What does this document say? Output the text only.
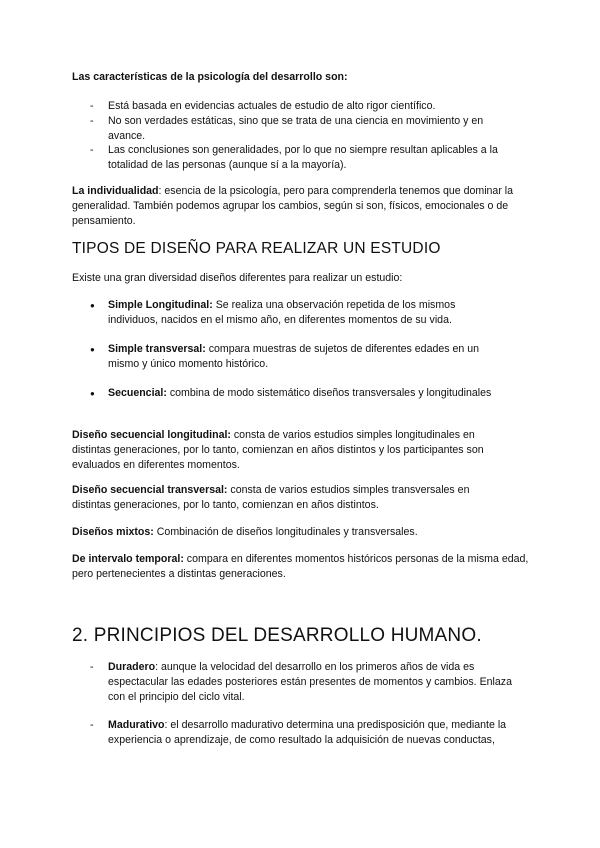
Las características de la psicología del desarrollo son:

- Está basada en evidencias actuales de estudio de alto rigor científico.
- No son verdades estáticas, sino que se trata de una ciencia en movimiento y en avance.
- Las conclusiones son generalidades, por lo que no siempre resultan aplicables a la totalidad de las personas (aunque sí a la mayoría).

La individualidad: esencia de la psicología, pero para comprenderla tenemos que dominar la generalidad. También podemos agrupar los cambios, según si son, físicos, emocionales o de pensamiento.

TIPOS DE DISEÑO PARA REALIZAR UN ESTUDIO

Existe una gran diversidad diseños diferentes para realizar un estudio:

● Simple Longitudinal: Se realiza una observación repetida de los mismos individuos, nacidos en el mismo año, en diferentes momentos de su vida.
● Simple transversal: compara muestras de sujetos de diferentes edades en un mismo y único momento histórico.
● Secuencial: combina de modo sistemático diseños transversales y longitudinales

Diseño secuencial longitudinal: consta de varios estudios simples longitudinales en distintas generaciones, por lo tanto, comienzan en años distintos y los participantes son evaluados en diferentes momentos.

Diseño secuencial transversal: consta de varios estudios simples transversales en distintas generaciones, por lo tanto, comienzan en años distintos.

Diseños mixtos: Combinación de diseños longitudinales y transversales.

De intervalo temporal: compara en diferentes momentos históricos personas de la misma edad, pero pertenecientes a distintas generaciones.

2. PRINCIPIOS DEL DESARROLLO HUMANO.
- Duradero: aunque la velocidad del desarrollo en los primeros años de vida es espectacular las edades posteriores están presentes de momentos y cambios. Enlaza con el principio del ciclo vital.
- Madurativo: el desarrollo madurativo determina una predisposición que, mediante la experiencia o aprendizaje, de como resultado la adquisición de nuevas conductas,
